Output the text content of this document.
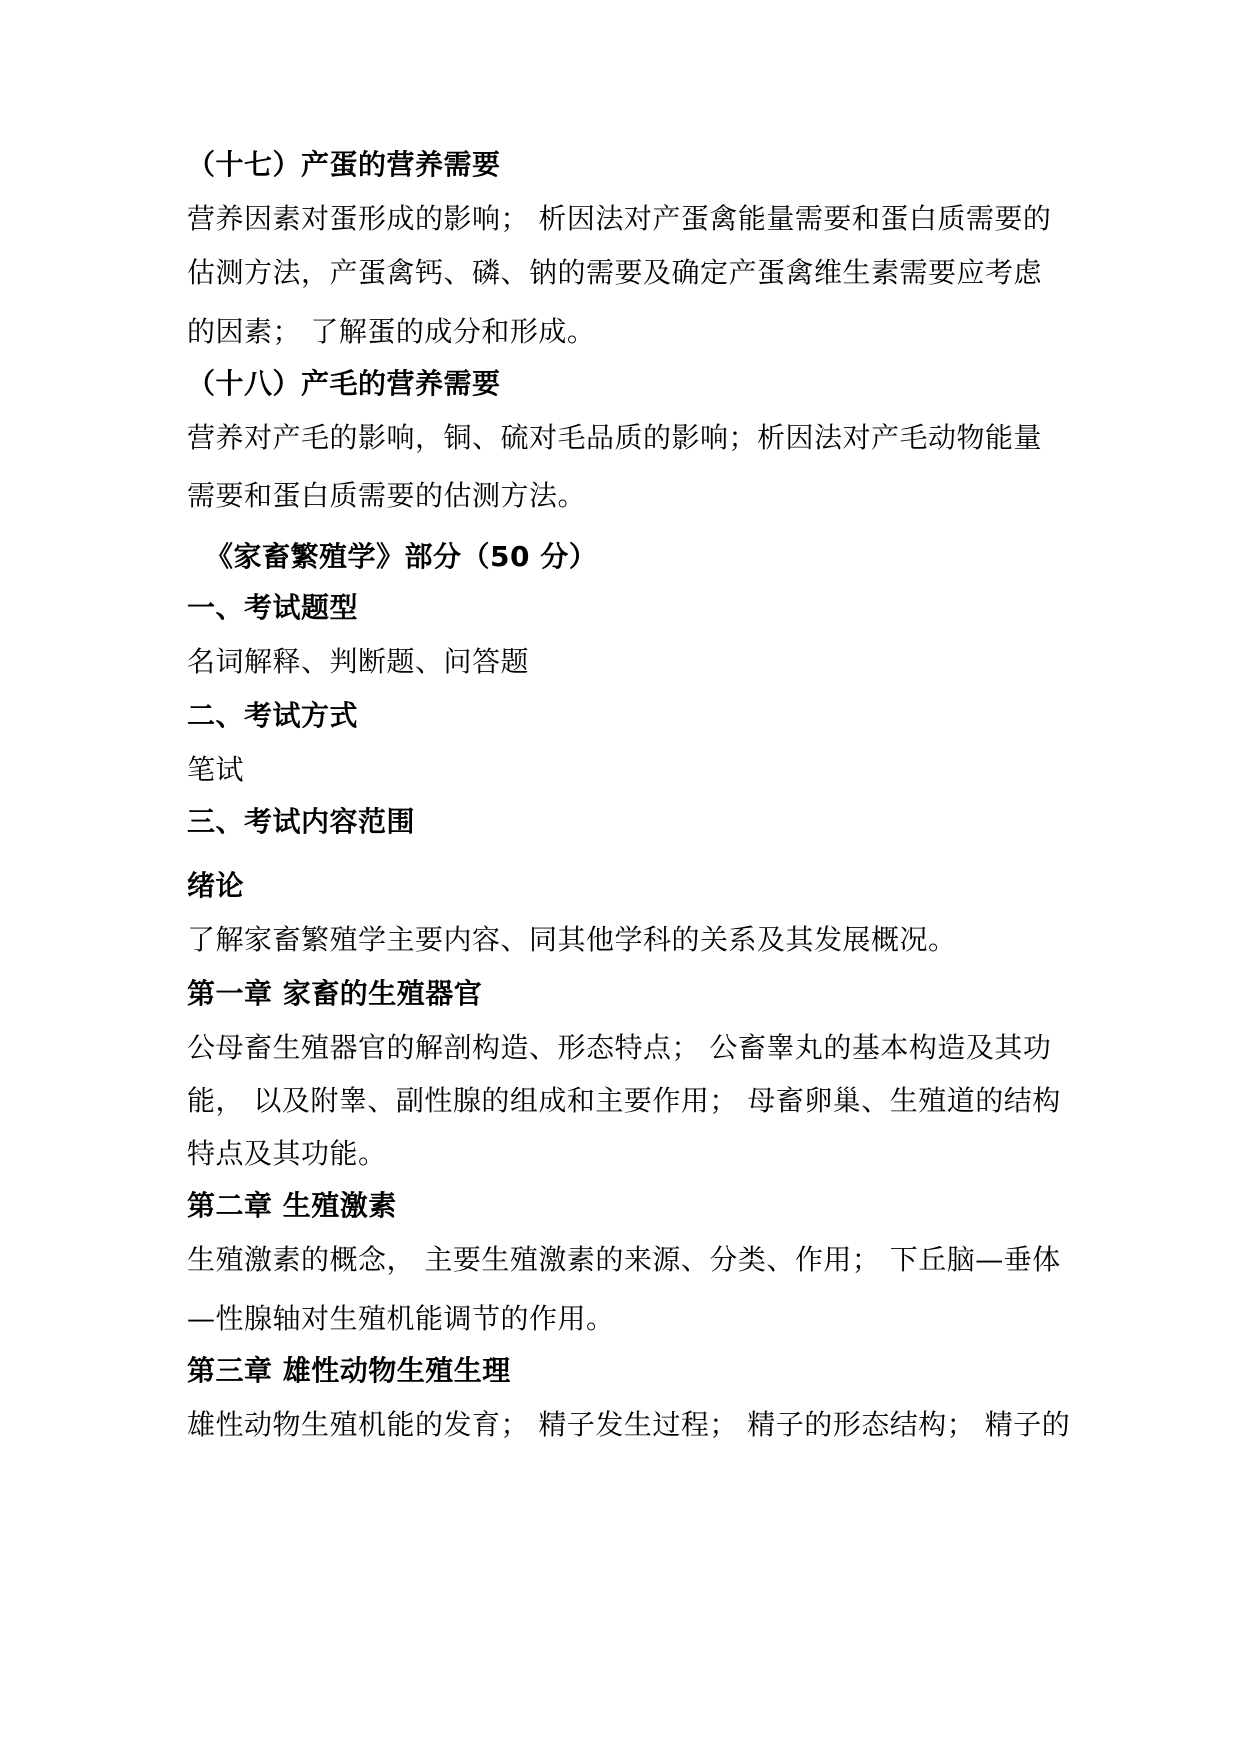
（十七）产蛋的营养需要

营养因素对蛋形成的影响； 析因法对产蛋禽能量需要和蛋白质需要的

估测方法，产蛋禽钙、磷、钠的需要及确定产蛋禽维生素需要应考虑

的因素； 了解蛋的成分和形成。

（十八）产毛的营养需要

营养对产毛的影响，铜、硫对毛品质的影响；析因法对产毛动物能量

需要和蛋白质需要的估测方法。

《家畜繁殖学》部分（50 分）

一、考试题型

名词解释、判断题、问答题

二、考试方式

笔试

三、考试内容范围

绪论

了解家畜繁殖学主要内容、同其他学科的关系及其发展概况。

第一章 家畜的生殖器官

公母畜生殖器官的解剖构造、形态特点； 公畜睾丸的基本构造及其功

能， 以及附睾、副性腺的组成和主要作用； 母畜卵巢、生殖道的结构

特点及其功能。

第二章 生殖激素

生殖激素的概念， 主要生殖激素的来源、分类、作用； 下丘脑—垂体

—性腺轴对生殖机能调节的作用。

第三章 雄性动物生殖生理

雄性动物生殖机能的发育； 精子发生过程； 精子的形态结构； 精子的
